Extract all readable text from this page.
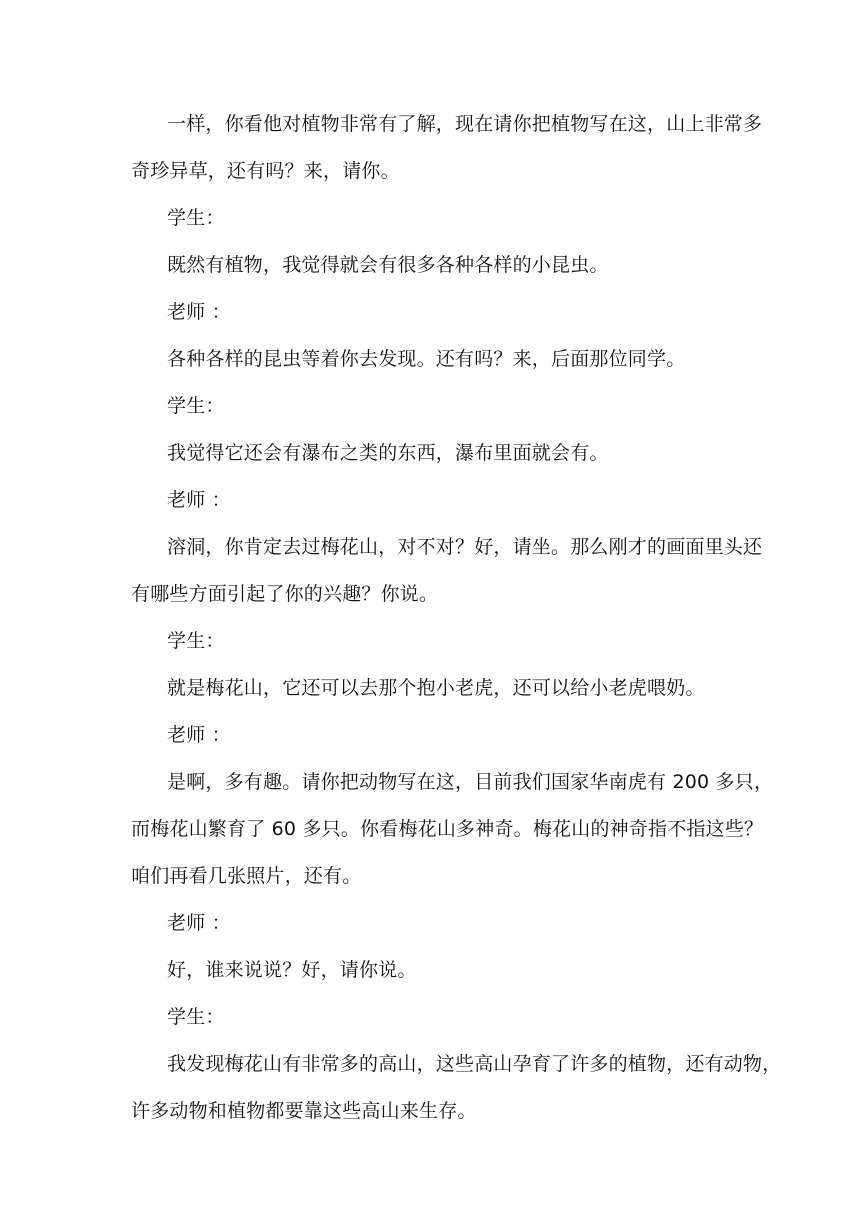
一样，你看他对植物非常有了解，现在请你把植物写在这，山上非常多
奇珍异草，还有吗？来，请你。
学生：
既然有植物，我觉得就会有很多各种各样的小昆虫。
老师 ：
各种各样的昆虫等着你去发现。还有吗？来，后面那位同学。
学生：
我觉得它还会有瀑布之类的东西，瀑布里面就会有。
老师 ：
溶洞，你肯定去过梅花山，对不对？好，请坐。那么刚才的画面里头还
有哪些方面引起了你的兴趣？你说。
学生：
就是梅花山，它还可以去那个抱小老虎，还可以给小老虎喂奶。
老师 ：
是啊，多有趣。请你把动物写在这，目前我们国家华南虎有 200 多只，
而梅花山繁育了 60 多只。你看梅花山多神奇。梅花山的神奇指不指这些？
咱们再看几张照片，还有。
老师 ：
好，谁来说说？好，请你说。
学生：
我发现梅花山有非常多的高山，这些高山孕育了许多的植物，还有动物，
许多动物和植物都要靠这些高山来生存。
